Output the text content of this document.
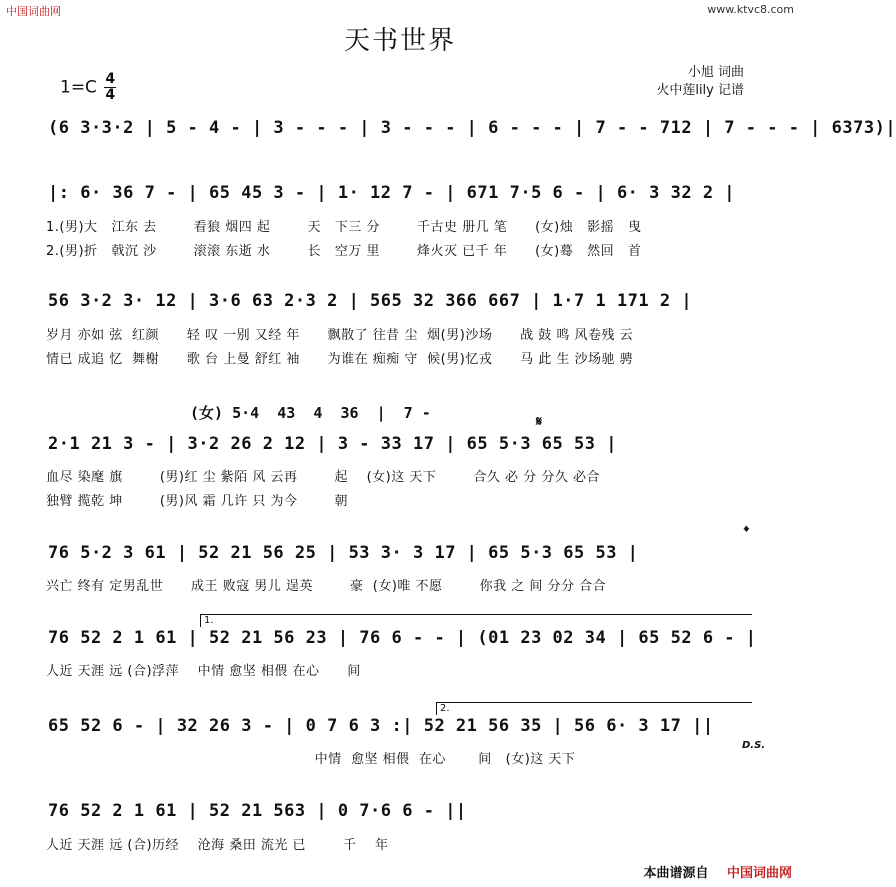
中国词曲网	www.ktvc8.com
天书世界
$1=C \frac{4}{4}$	小旭 词曲
火中莲lily 记谱
(6 3·3·2 | 5 - 4 - | 3 - - - | 3 - - - | 6 - - - | 7 - - 712 | 7 - - - | 6373)|
|: 6· 36 7 - | 65 45 3 - | 1· 12 7 - | 671 7·5 6 - | 6· 3 32 2 |
1.(男)大   江东 去        看狼 烟四 起        天   下三 分        千古史 册几 笔      (女)烛   影摇   曳
2.(男)折   戟沉 沙        滚滚 东逝 水        长   空万 里        烽火灭 已千 年      (女)蓦   然回   首
56 3·2 3· 12 | 3·6 63 2·3 2 | 565 32 366 667 | 1·7 1 171 2 |
岁月 亦如 弦  红颜      轻 叹 一别 又经 年      飘散了 往昔 尘  烟(男)沙场      战 鼓 鸣 风卷残 云
情已 成追 忆  舞榭      歌 台 上曼 舒红 袖      为谁在 痴痴 守  候(男)忆戎      马 此 生 沙场驰 骋
(女) 5·4  43  4  36  |  7 -	𝄋
2·1 21 3 - | 3·2 26 2 12 | 3 - 33 17 | 65 5·3 65 53 |
血尽 染麾 旗        (男)红 尘 紫陌 风 云再        起    (女)这 天下        合久 必 分 分久 必合
独臂 揽乾 坤        (男)风 霜 几许 只 为今        朝
𝄌
76 5·2 3 61 | 52 21 56 25 | 53 3· 3 17 | 65 5·3 65 53 |
兴亡 终有 定男乱世      成王 败寇 男儿 逞英        豪  (女)唯 不愿        你我 之 间 分分 合合
1.
76 52 2 1 61 | 52 21 56 23 | 76 6 - - | (01 23 02 34 | 65 52 6 - |
人近 天涯 远 (合)浮萍    中情 愈坚 相偎 在心      间
2.
65 52 6 - | 32 26 3 - | 0 7 6 3 :| 52 21 56 35 | 56 6· 3 17 ||
D.S.
中情  愈坚 相偎  在心       间   (女)这 天下
76 52 2 1 61 | 52 21 563 | 0 7·6 6 - ||
人近 天涯 远 (合)历经    沧海 桑田 流光 已        千    年
本曲谱源自 中国词曲网
